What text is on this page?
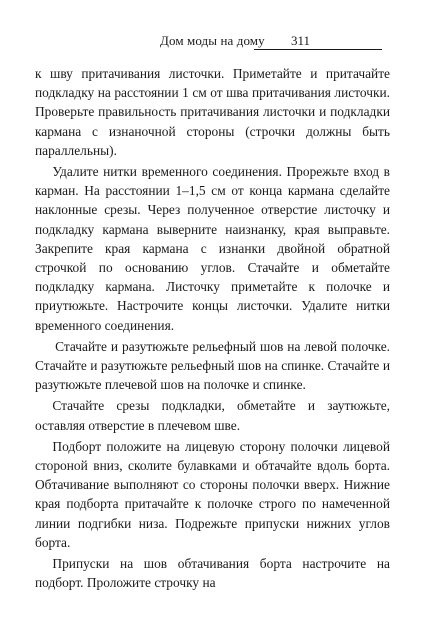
Дом моды на дому 311

к шву притачивания листочки. Приметайте и притачайте подкладку на расстоянии 1 см от шва притачивания листочки. Проверьте правильность притачивания листочки и подкладки кармана с изнаночной стороны (строчки должны быть параллельны).

Удалите нитки временного соединения. Прорежьте вход в карман. На расстоянии 1–1,5 см от конца кармана сделайте наклонные срезы. Через полученное отверстие листочку и подкладку кармана выверните наизнанку, края выправьте. Закрепите края кармана с изнанки двойной обратной строчкой по основанию углов. Стачайте и обметайте подкладку кармана. Листочку приметайте к полочке и приутюжьте. Настрочите концы листочки. Удалите нитки временного соединения.

Стачайте и разутюжьте рельефный шов на левой полочке. Стачайте и разутюжьте рельефный шов на спинке. Стачайте и разутюжьте плечевой шов на полочке и спинке.

Стачайте срезы подкладки, обметайте и заутюжьте, оставляя отверстие в плечевом шве.

Подборт положите на лицевую сторону полочки лицевой стороной вниз, сколите булавками и обтачайте вдоль борта. Обтачивание выполняют со стороны полочки вверх. Нижние края подборта притачайте к полочке строго по намеченной линии подгибки низа. Подрежьте припуски нижних углов борта.

Припуски на шов обтачивания борта настрочите на подборт. Проложите строчку на
